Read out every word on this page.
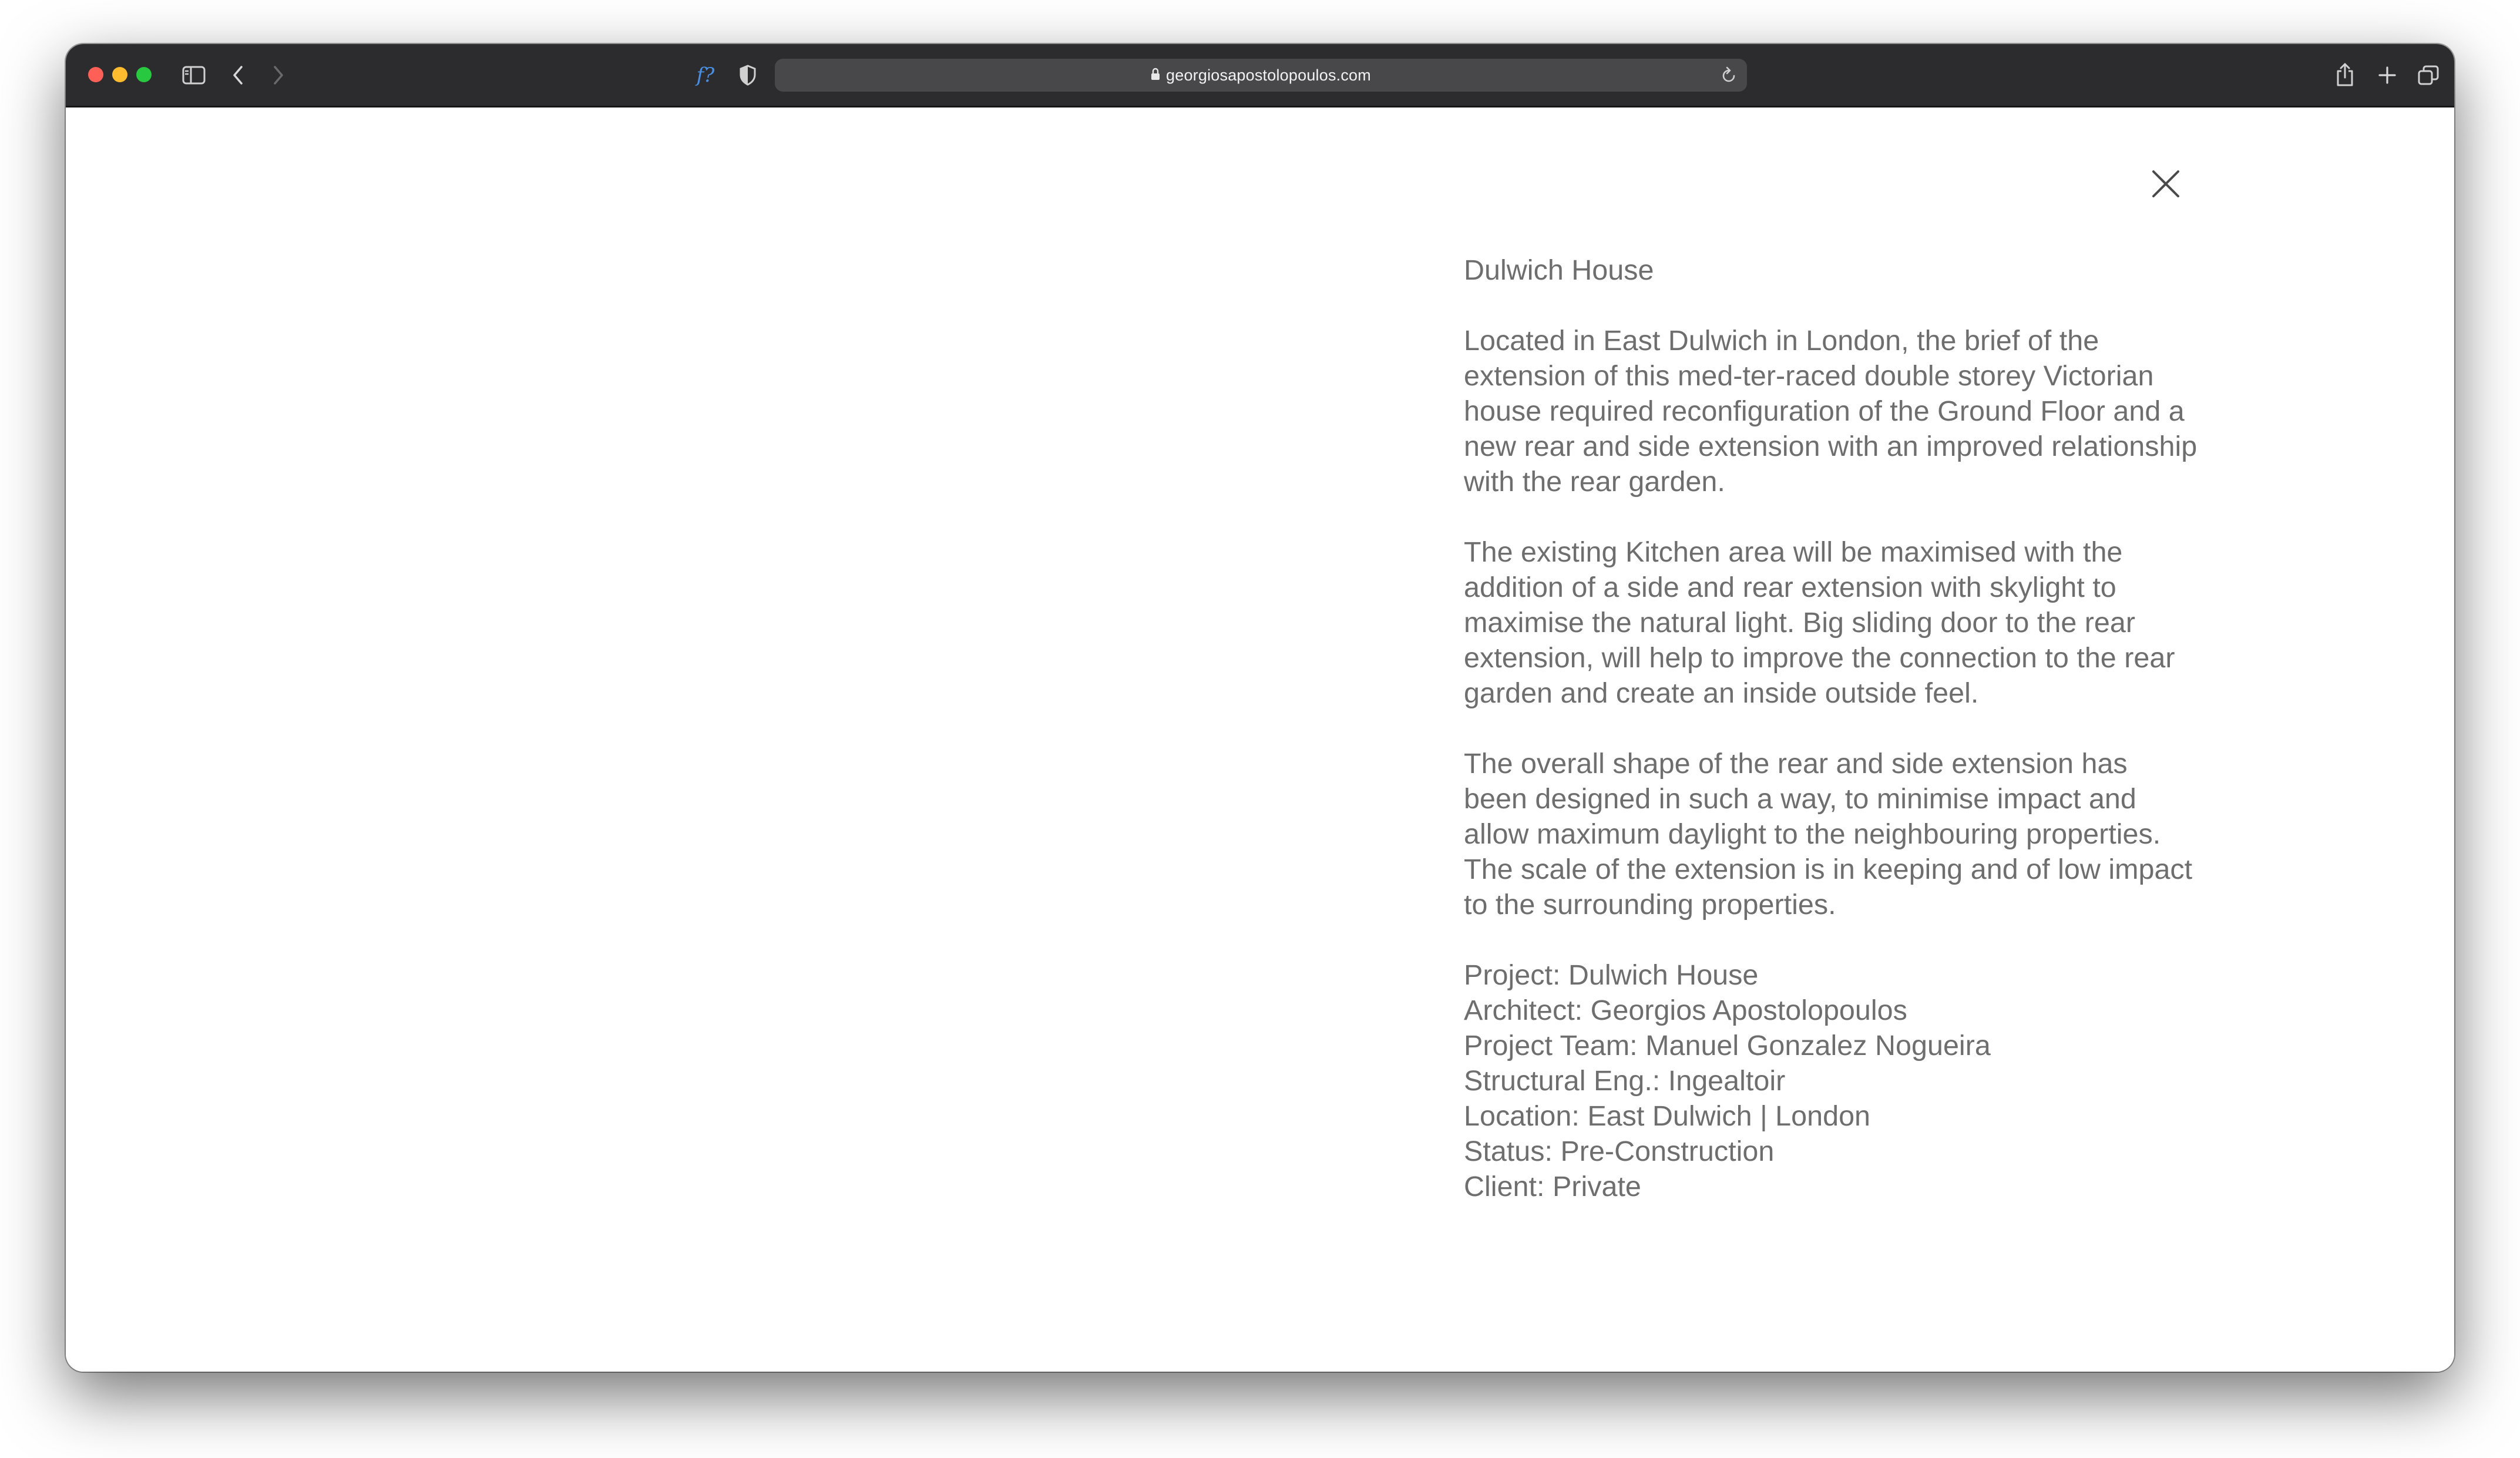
f?	georgiosapostolopoulos.com

Dulwich House

Located in East Dulwich in London, the brief of the extension of this med-ter-raced double storey Victorian house required reconfiguration of the Ground Floor and a new rear and side extension with an improved relationship with the rear garden.

The existing Kitchen area will be maximised with the addition of a side and rear extension with skylight to maximise the natural light. Big sliding door to the rear extension, will help to improve the connection to the rear garden and create an inside outside feel.

The overall shape of the rear and side extension has been designed in such a way, to minimise impact and allow maximum daylight to the neighbouring properties. The scale of the extension is in keeping and of low impact to the surrounding properties.

Project: Dulwich House
Architect: Georgios Apostolopoulos
Project Team: Manuel Gonzalez Nogueira
Structural Eng.: Ingealtoir
Location: East Dulwich | London
Status: Pre-Construction
Client: Private
